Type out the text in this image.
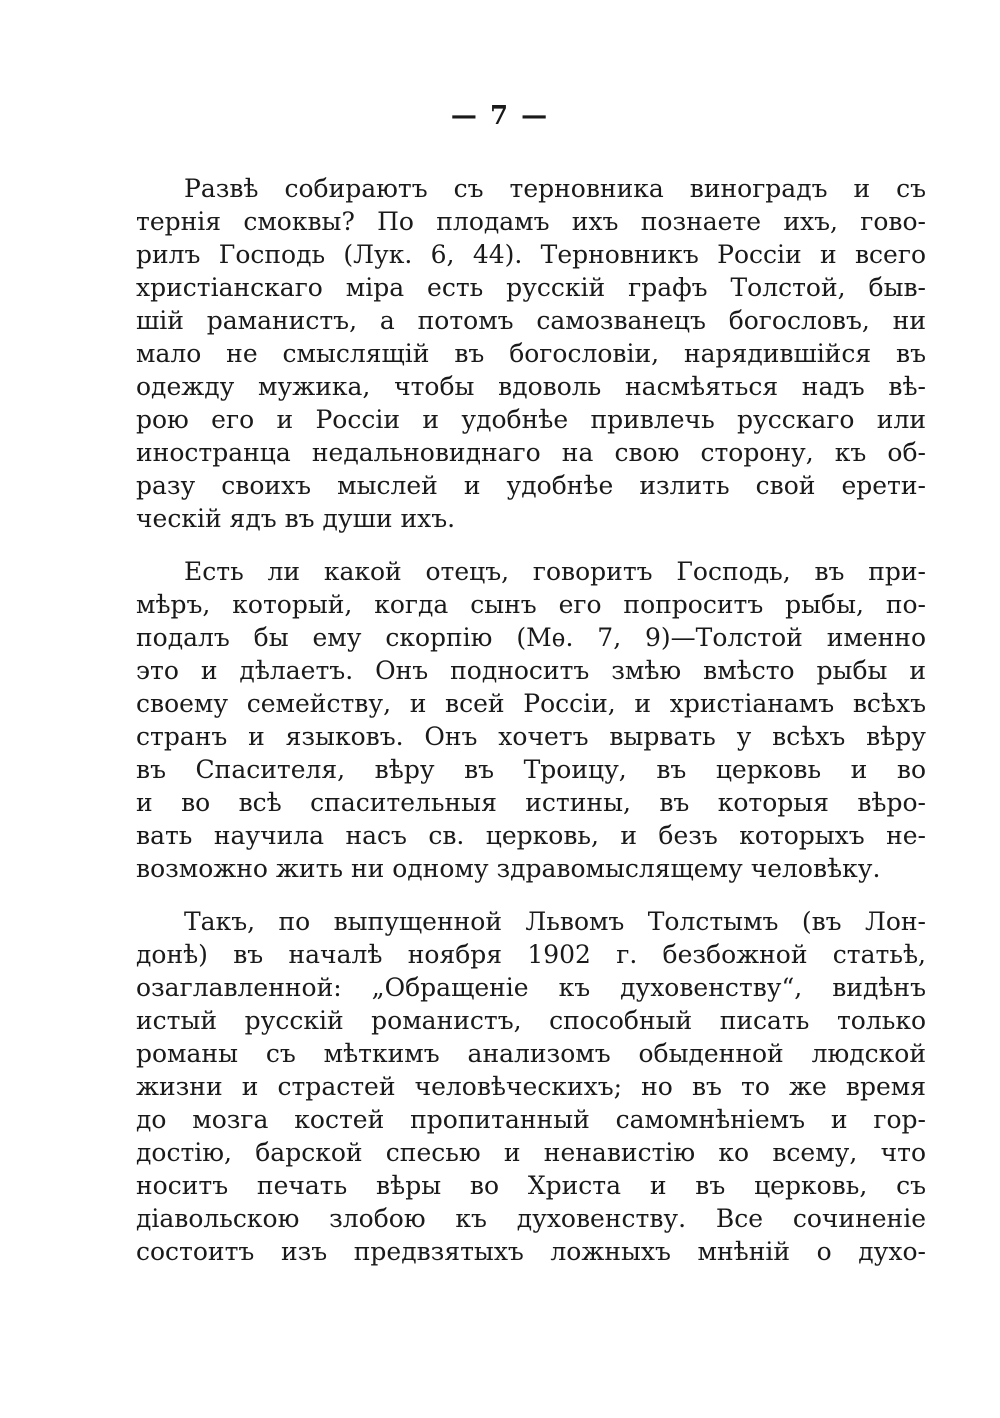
— 7 —
Развѣ собираютъ съ терновника виноградъ и съ
тернія смоквы? По плодамъ ихъ познаете ихъ, гово-
рилъ Господь (Лук. 6, 44). Терновникъ Россіи и всего
христіанскаго міра есть русскій графъ Толстой, быв-
шій раманистъ, а потомъ самозванецъ богословъ, ни
мало не смыслящій въ богословіи, нарядившійся въ
одежду мужика, чтобы вдоволь насмѣяться надъ вѣ-
рою его и Россіи и удобнѣе привлечь русскаго или
иностранца недальновиднаго на свою сторону, къ об-
разу своихъ мыслей и удобнѣе излить свой ерети-
ческій ядъ въ души ихъ.
Есть ли какой отецъ, говоритъ Господь, въ при-
мѣръ, который, когда сынъ его попроситъ рыбы, по-
подалъ бы ему скорпію (Мѳ. 7, 9)—Толстой именно
это и дѣлаетъ. Онъ подноситъ змѣю вмѣсто рыбы и
своему семейству, и всей Россіи, и христіанамъ всѣхъ
странъ и языковъ. Онъ хочетъ вырвать у всѣхъ вѣру
въ Спасителя, вѣру въ Троицу, въ церковь и во
и во всѣ спасительныя истины, въ которыя вѣро-
вать научила насъ св. церковь, и безъ которыхъ не-
возможно жить ни одному здравомыслящему человѣку.
Такъ, по выпущенной Львомъ Толстымъ (въ Лон-
донѣ) въ началѣ ноября 1902 г. безбожной статьѣ,
озаглавленной: „Обращеніе къ духовенству“, видѣнъ
истый русскій романистъ, способный писать только
романы съ мѣткимъ анализомъ обыденной людской
жизни и страстей человѣческихъ; но въ то же время
до мозга костей пропитанный самомнѣніемъ и гор-
достію, барской спесью и ненавистію ко всему, что
носитъ печать вѣры во Христа и въ церковь, съ
діавольскою злобою къ духовенству. Все сочиненіе
состоитъ изъ предвзятыхъ ложныхъ мнѣній о духо-
